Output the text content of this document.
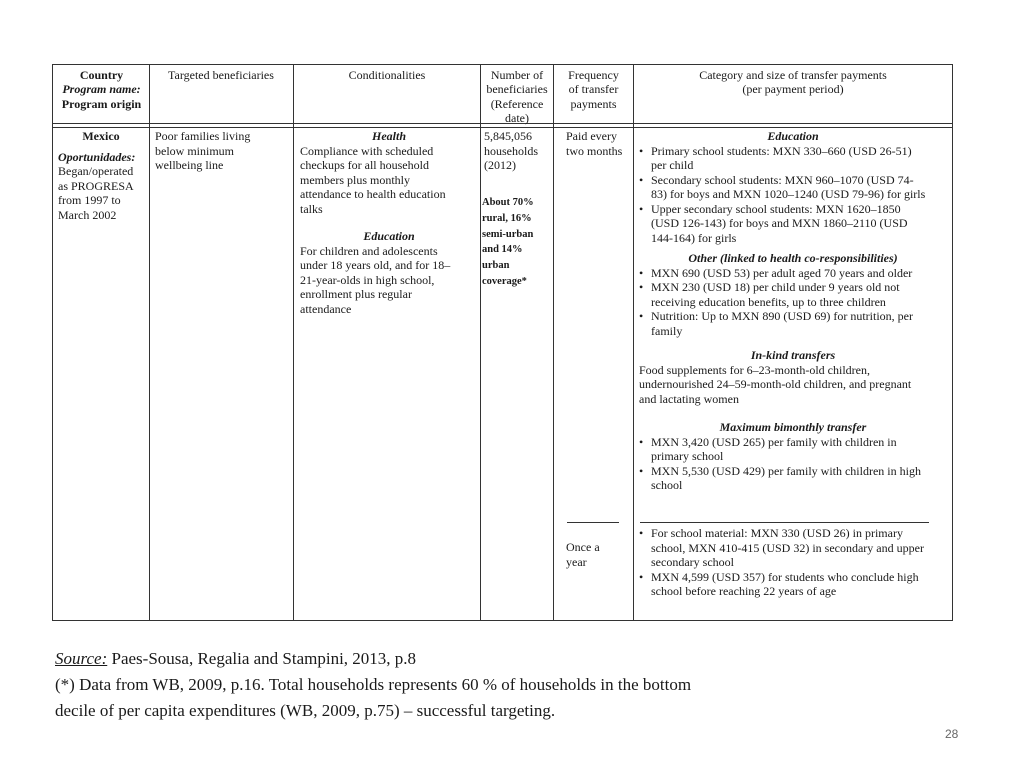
Country
Program name:
Program origin
Targeted beneficiaries	Conditionalities	Number of
beneficiaries
(Reference
date)
Frequency
of transfer
payments
Category and size of transfer payments
(per payment period)
Mexico
Oportunidades:
Began/operated
as PROGRESA
from 1997 to
March 2002
Poor families living
below minimum
wellbeing line
Health
Compliance with scheduled
checkups for all household
members plus monthly
attendance to health education
talks
Education
For children and adolescents
under 18 years old, and for 18–
21-year-olds in high school,
enrollment plus regular
attendance
5,845,056
households
(2012)
About 70%
rural, 16%
semi-urban
and 14%
urban
coverage*
Paid every
two months
Once a
year
Education
• Primary school students: MXN 330–660 (USD 26-51)
per child
• Secondary school students: MXN 960–1070 (USD 74-
83) for boys and MXN 1020–1240 (USD 79-96) for girls
• Upper secondary school students: MXN 1620–1850
(USD 126-143) for boys and MXN 1860–2110 (USD
144-164) for girls
Other (linked to health co-responsibilities)
• MXN 690 (USD 53) per adult aged 70 years and older
• MXN 230 (USD 18) per child under 9 years old not
receiving education benefits, up to three children
• Nutrition: Up to MXN 890 (USD 69) for nutrition, per
family
In-kind transfers
Food supplements for 6–23-month-old children,
undernourished 24–59-month-old children, and pregnant
and lactating women
Maximum bimonthly transfer
• MXN 3,420 (USD 265) per family with children in
primary school
• MXN 5,530 (USD 429) per family with children in high
school
• For school material: MXN 330 (USD 26) in primary
school, MXN 410-415 (USD 32) in secondary and upper
secondary school
• MXN 4,599 (USD 357) for students who conclude high
school before reaching 22 years of age
Source: Paes-Sousa, Regalia and Stampini, 2013, p.8
(*) Data from WB, 2009, p.16. Total households represents 60 % of households in the bottom
decile of per capita expenditures (WB, 2009, p.75) – successful targeting.
28
